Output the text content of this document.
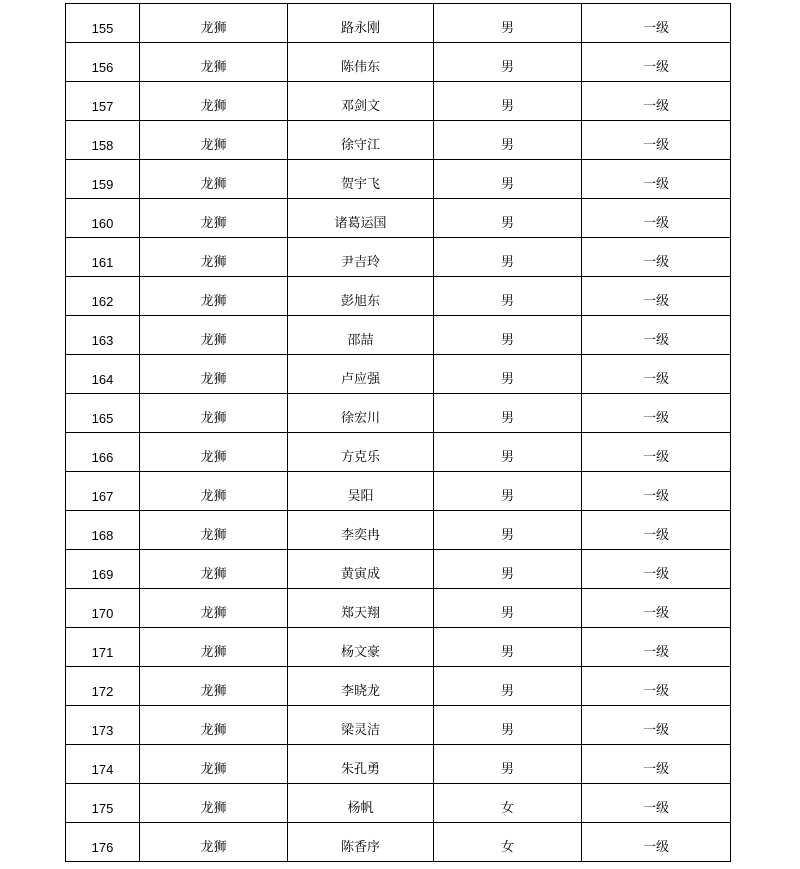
155	龙狮	路永刚	男	一级
156	龙狮	陈伟东	男	一级
157	龙狮	邓剑文	男	一级
158	龙狮	徐守江	男	一级
159	龙狮	贺宇飞	男	一级
160	龙狮	诸葛运国	男	一级
161	龙狮	尹吉玲	男	一级
162	龙狮	彭旭东	男	一级
163	龙狮	邵喆	男	一级
164	龙狮	卢应强	男	一级
165	龙狮	徐宏川	男	一级
166	龙狮	方克乐	男	一级
167	龙狮	吴阳	男	一级
168	龙狮	李奕冉	男	一级
169	龙狮	黄寅成	男	一级
170	龙狮	郑天翔	男	一级
171	龙狮	杨文豪	男	一级
172	龙狮	李晓龙	男	一级
173	龙狮	梁灵洁	男	一级
174	龙狮	朱孔勇	男	一级
175	龙狮	杨帆	女	一级
176	龙狮	陈香序	女	一级
